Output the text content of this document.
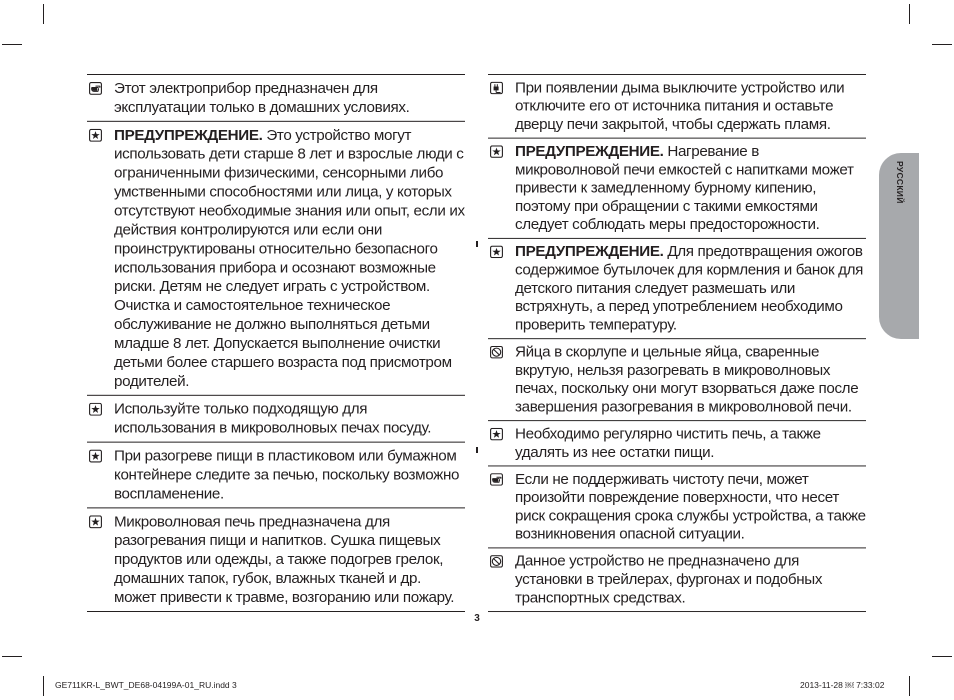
Этот электроприбор предназначен для эксплуатации только в домашних условиях.
ПРЕДУПРЕЖДЕНИЕ. Это устройство могут использовать дети старше 8 лет и взрослые люди с ограниченными физическими, сенсорными либо умственными способностями или лица, у которых отсутствуют необходимые знания или опыт, если их действия контролируются или если они проинструктированы относительно безопасного использования прибора и осознают возможные риски. Детям не следует играть с устройством. Очистка и самостоятельное техническое обслуживание не должно выполняться детьми младше 8 лет. Допускается выполнение очистки детьми более старшего возраста под присмотром родителей.
Используйте только подходящую для использования в микроволновых печах посуду.
При разогреве пищи в пластиковом или бумажном контейнере следите за печью, поскольку возможно воспламенение.
Микроволновая печь предназначена для разогревания пищи и напитков. Сушка пищевых продуктов или одежды, а также подогрев грелок, домашних тапок, губок, влажных тканей и др. может привести к травме, возгоранию или пожару.
При появлении дыма выключите устройство или отключите его от источника питания и оставьте дверцу печи закрытой, чтобы сдержать пламя.
ПРЕДУПРЕЖДЕНИЕ. Нагревание в микроволновой печи емкостей с напитками может привести к замедленному бурному кипению, поэтому при обращении с такими емкостями следует соблюдать меры предосторожности.
ПРЕДУПРЕЖДЕНИЕ. Для предотвращения ожогов содержимое бутылочек для кормления и банок для детского питания следует размешать или встряхнуть, а перед употреблением необходимо проверить температуру.
Яйца в скорлупе и цельные яйца, сваренные вкрутую, нельзя разогревать в микроволновых печах, поскольку они могут взорваться даже после завершения разогревания в микроволновой печи.
Необходимо регулярно чистить печь, а также удалять из нее остатки пищи.
Если не поддерживать чистоту печи, может произойти повреждение поверхности, что несет риск сокращения срока службы устройства, а также возникновения опасной ситуации.
Данное устройство не предназначено для установки в трейлерах, фургонах и подобных транспортных средствах.
3
РУССКИЙ
GE711KR-L_BWT_DE68-04199A-01_RU.indd 3	2013-11-28 ￼ 7:33:02
